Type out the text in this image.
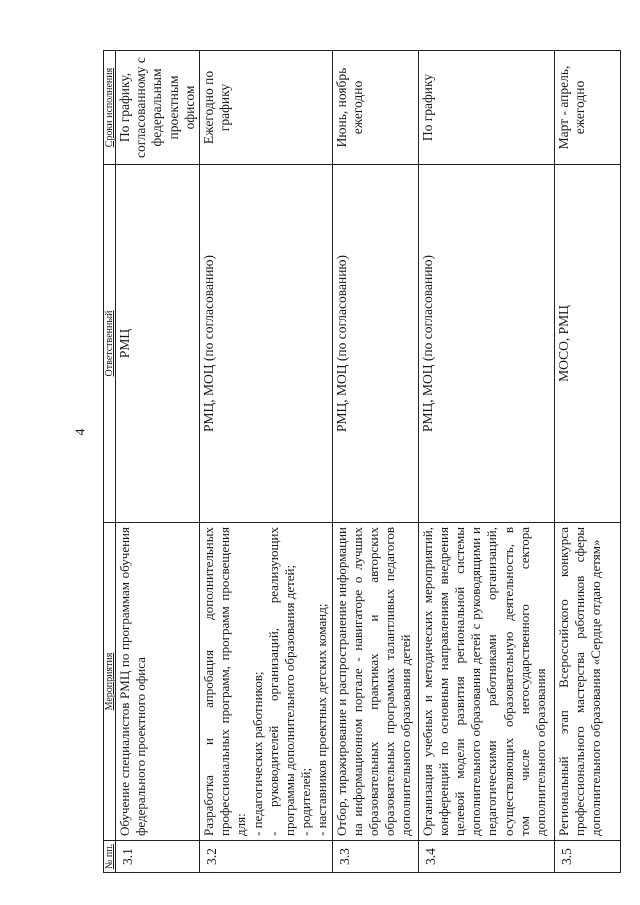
4
№ пп.	Мероприятия	Ответственный	Сроки исполнения
3.1	Обучение специалистов РМЦ по программам обучения федерального проектного офиса	РМЦ	По графику, согласованному с федеральным проектным офисом
3.2	Разработка и апробация дополнительных профессиональных программ, программ просвещения для: - педагогических работников; - руководителей организаций, реализующих программы дополнительного образования детей; - родителей; - наставников проектных детских команд;	РМЦ, МОЦ (по согласованию)	Ежегодно по графику
3.3	Отбор, тиражирование и распространение информации на информационном портале - навигаторе о лучших образовательных практиках и авторских образовательных программах талантливых педагогов дополнительного образования детей	РМЦ, МОЦ (по согласованию)	Июнь, ноябрь ежегодно
3.4	Организация учебных и методических мероприятий, конференций по основным направлениям внедрения целевой модели развития региональной системы дополнительного образования детей с руководящими и педагогическими работниками организаций, осуществляющих образовательную деятельность, в том числе негосударственного сектора дополнительного образования	РМЦ, МОЦ (по согласованию)	По графику
3.5	Региональный этап Всероссийского конкурса профессионального мастерства работников сферы дополнительного образования «Сердце отдаю детям»	МОСО, РМЦ	Март - апрель, ежегодно
